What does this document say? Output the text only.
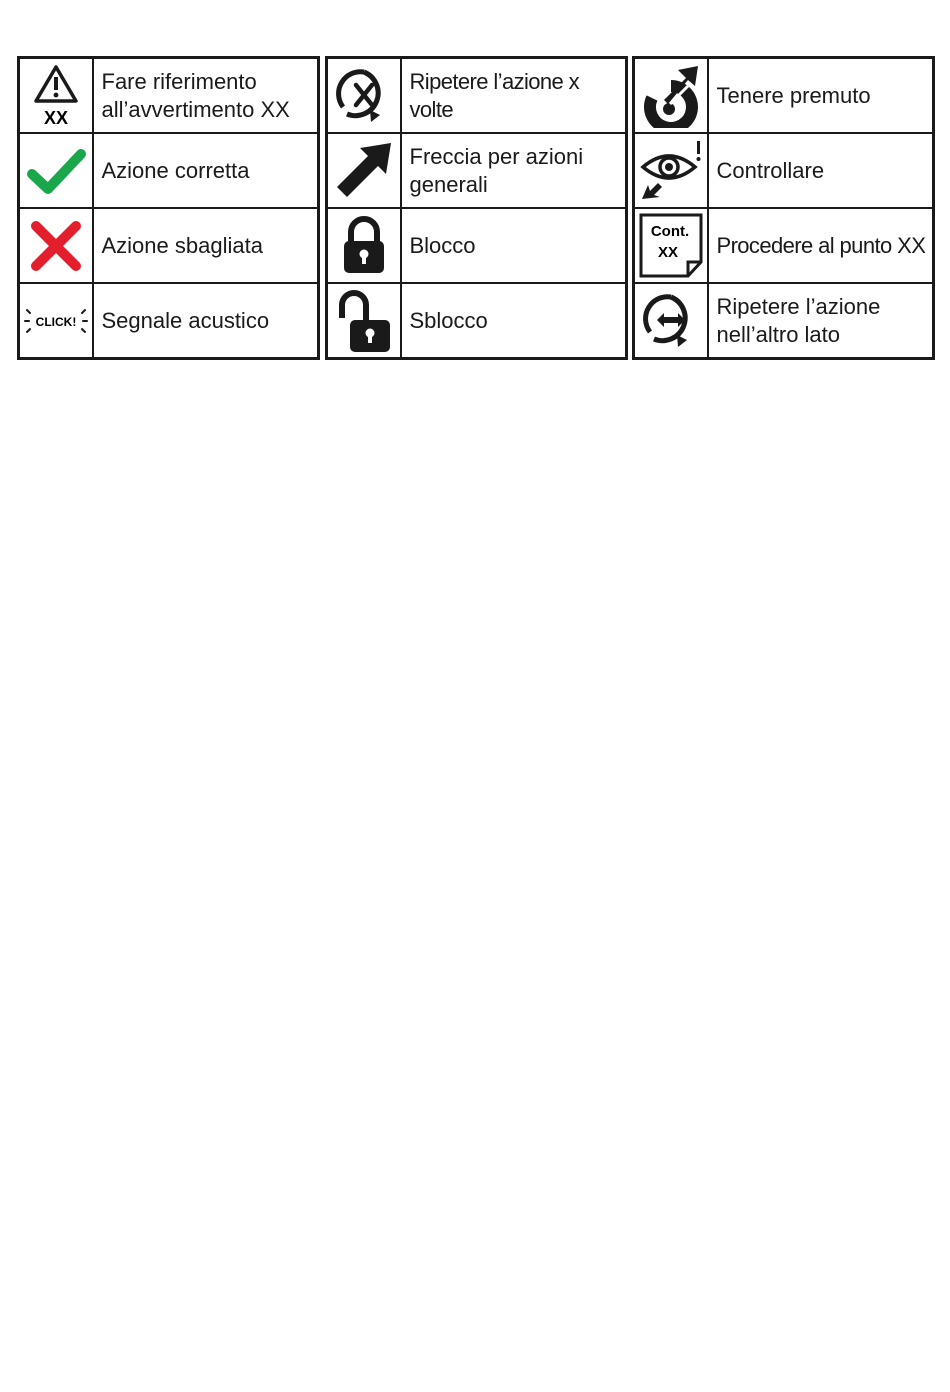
XX	Fare riferimento all’avvertimento XX

	Azione corretta

	Azione sbagliata

CLICK!	Segnale acustico
	Ripetere l’azione x volte

	Freccia per azioni generali

	Blocco

	Sblocco
	Tenere premuto

	Controllare

Cont.
XX	Procedere al punto XX

	Ripetere l’azione nell’altro lato
